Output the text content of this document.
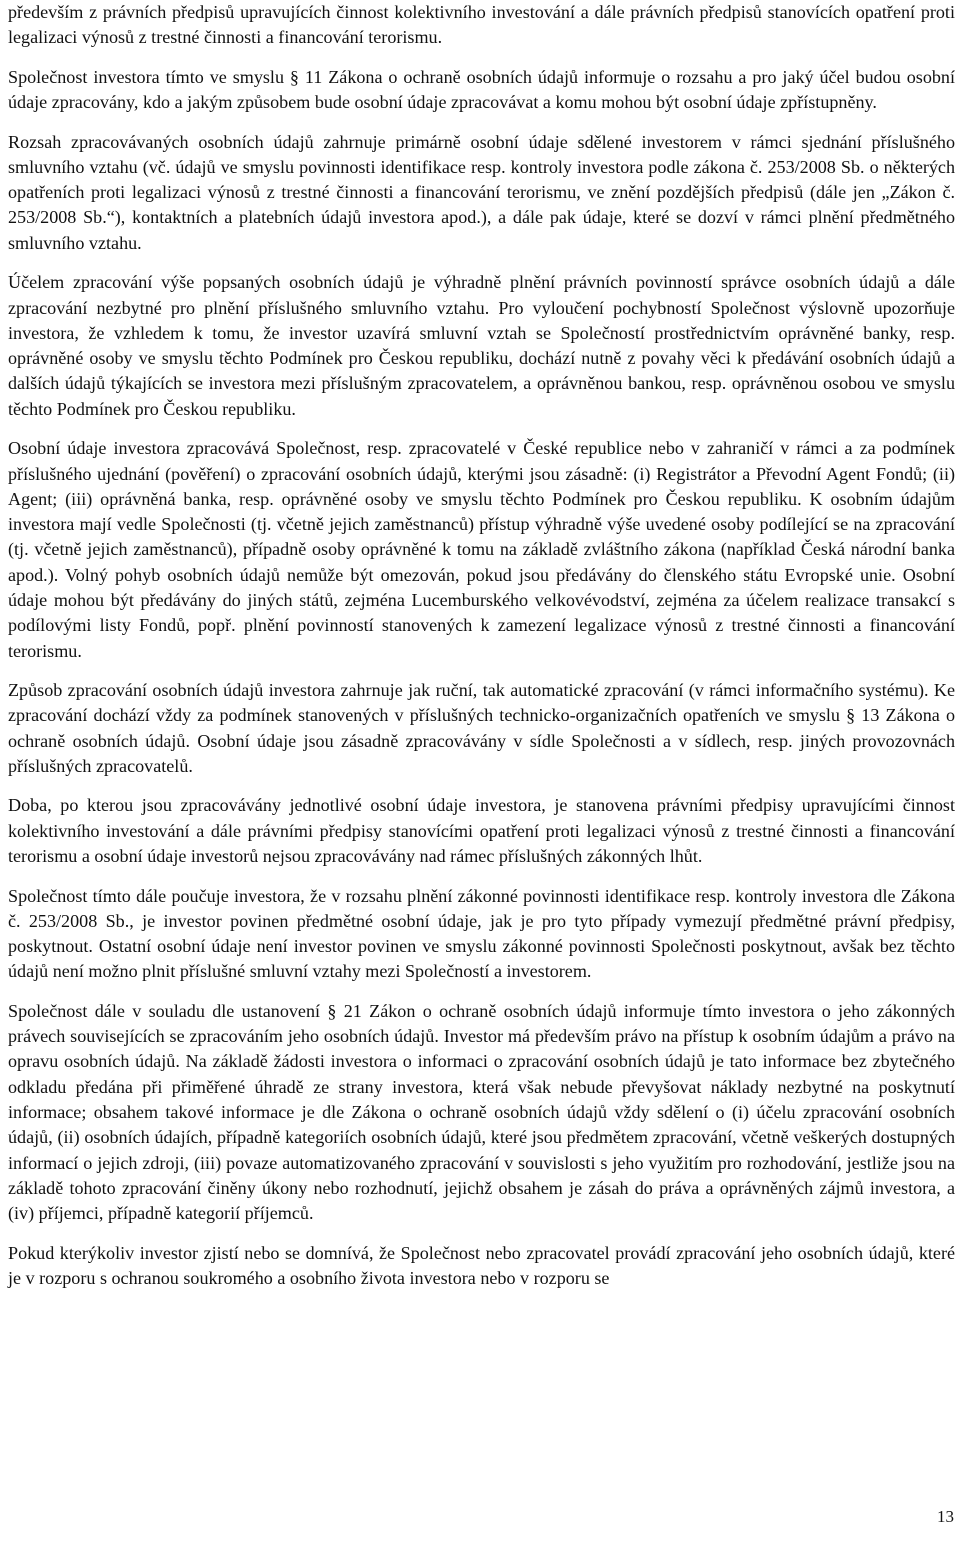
především z právních předpisů upravujících činnost kolektivního investování a dále právních předpisů stanovících opatření proti legalizaci výnosů z trestné činnosti a financování terorismu.

Společnost investora tímto ve smyslu § 11 Zákona o ochraně osobních údajů informuje o rozsahu a pro jaký účel budou osobní údaje zpracovány, kdo a jakým způsobem bude osobní údaje zpracovávat a komu mohou být osobní údaje zpřístupněny.

Rozsah zpracovávaných osobních údajů zahrnuje primárně osobní údaje sdělené investorem v rámci sjednání příslušného smluvního vztahu (vč. údajů ve smyslu povinnosti identifikace resp. kontroly investora podle zákona č. 253/2008 Sb. o některých opatřeních proti legalizaci výnosů z trestné činnosti a financování terorismu, ve znění pozdějších předpisů (dále jen „Zákon č. 253/2008 Sb.“), kontaktních a platebních údajů investora apod.), a dále pak údaje, které se dozví v rámci plnění předmětného smluvního vztahu.

Účelem zpracování výše popsaných osobních údajů je výhradně plnění právních povinností správce osobních údajů a dále zpracování nezbytné pro plnění příslušného smluvního vztahu. Pro vyloučení pochybností Společnost výslovně upozorňuje investora, že vzhledem k tomu, že investor uzavírá smluvní vztah se Společností prostřednictvím oprávněné banky, resp. oprávněné osoby ve smyslu těchto Podmínek pro Českou republiku, dochází nutně z povahy věci k předávání osobních údajů a dalších údajů týkajících se investora mezi příslušným zpracovatelem, a oprávněnou bankou, resp. oprávněnou osobou ve smyslu těchto Podmínek pro Českou republiku.

Osobní údaje investora zpracovává Společnost, resp. zpracovatelé v České republice nebo v zahraničí v rámci a za podmínek příslušného ujednání (pověření) o zpracování osobních údajů, kterými jsou zásadně: (i) Registrátor a Převodní Agent Fondů; (ii) Agent; (iii) oprávněná banka, resp. oprávněné osoby ve smyslu těchto Podmínek pro Českou republiku. K osobním údajům investora mají vedle Společnosti (tj. včetně jejich zaměstnanců) přístup výhradně výše uvedené osoby podílející se na zpracování (tj. včetně jejich zaměstnanců), případně osoby oprávněné k tomu na základě zvláštního zákona (například Česká národní banka apod.). Volný pohyb osobních údajů nemůže být omezován, pokud jsou předávány do členského státu Evropské unie. Osobní údaje mohou být předávány do jiných států, zejména Lucemburského velkovévodství, zejména za účelem realizace transakcí s podílovými listy Fondů, popř. plnění povinností stanovených k zamezení legalizace výnosů z trestné činnosti a financování terorismu.

Způsob zpracování osobních údajů investora zahrnuje jak ruční, tak automatické zpracování (v rámci informačního systému). Ke zpracování dochází vždy za podmínek stanovených v příslušných technicko-organizačních opatřeních ve smyslu § 13 Zákona o ochraně osobních údajů. Osobní údaje jsou zásadně zpracovávány v sídle Společnosti a v sídlech, resp. jiných provozovnách příslušných zpracovatelů.

Doba, po kterou jsou zpracovávány jednotlivé osobní údaje investora, je stanovena právními předpisy upravujícími činnost kolektivního investování a dále právními předpisy stanovícími opatření proti legalizaci výnosů z trestné činnosti a financování terorismu a osobní údaje investorů nejsou zpracovávány nad rámec příslušných zákonných lhůt.

Společnost tímto dále poučuje investora, že v rozsahu plnění zákonné povinnosti identifikace resp. kontroly investora dle Zákona č. 253/2008 Sb., je investor povinen předmětné osobní údaje, jak je pro tyto případy vymezují předmětné právní předpisy, poskytnout. Ostatní osobní údaje není investor povinen ve smyslu zákonné povinnosti Společnosti poskytnout, avšak bez těchto údajů není možno plnit příslušné smluvní vztahy mezi Společností a investorem.

Společnost dále v souladu dle ustanovení § 21 Zákon o ochraně osobních údajů informuje tímto investora o jeho zákonných právech souvisejících se zpracováním jeho osobních údajů. Investor má především právo na přístup k osobním údajům a právo na opravu osobních údajů. Na základě žádosti investora o informaci o zpracování osobních údajů je tato informace bez zbytečného odkladu předána při přiměřené úhradě ze strany investora, která však nebude převyšovat náklady nezbytné na poskytnutí informace; obsahem takové informace je dle Zákona o ochraně osobních údajů vždy sdělení o (i) účelu zpracování osobních údajů, (ii) osobních údajích, případně kategoriích osobních údajů, které jsou předmětem zpracování, včetně veškerých dostupných informací o jejich zdroji, (iii) povaze automatizovaného zpracování v souvislosti s jeho využitím pro rozhodování, jestliže jsou na základě tohoto zpracování činěny úkony nebo rozhodnutí, jejichž obsahem je zásah do práva a oprávněných zájmů investora, a (iv) příjemci, případně kategorií příjemců.

Pokud kterýkoliv investor zjistí nebo se domnívá, že Společnost nebo zpracovatel provádí zpracování jeho osobních údajů, které je v rozporu s ochranou soukromého a osobního života investora nebo v rozporu se

13
